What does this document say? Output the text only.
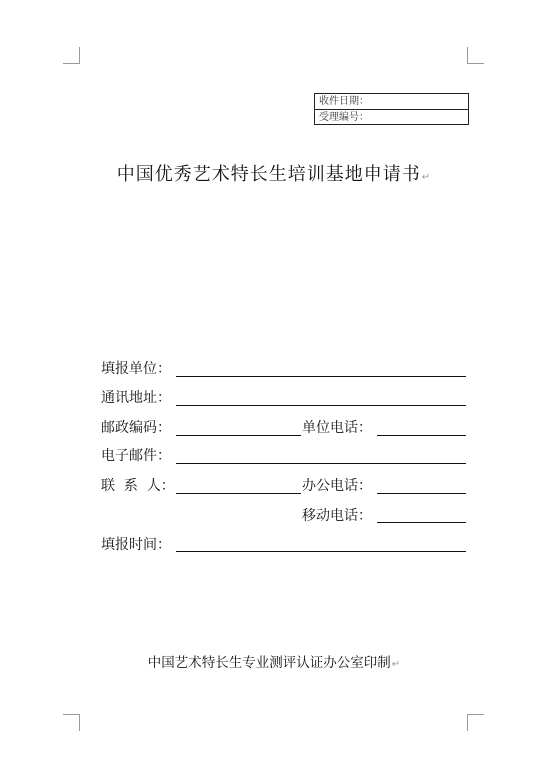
收件日期：
受理编号：
中国优秀艺术特长生培训基地申请书↵
填报单位：
通讯地址：
邮政编码：	单位电话：
电子邮件：
联  系  人：	办公电话：
移动电话：
填报时间：
中国艺术特长生专业测评认证办公室印制↵
